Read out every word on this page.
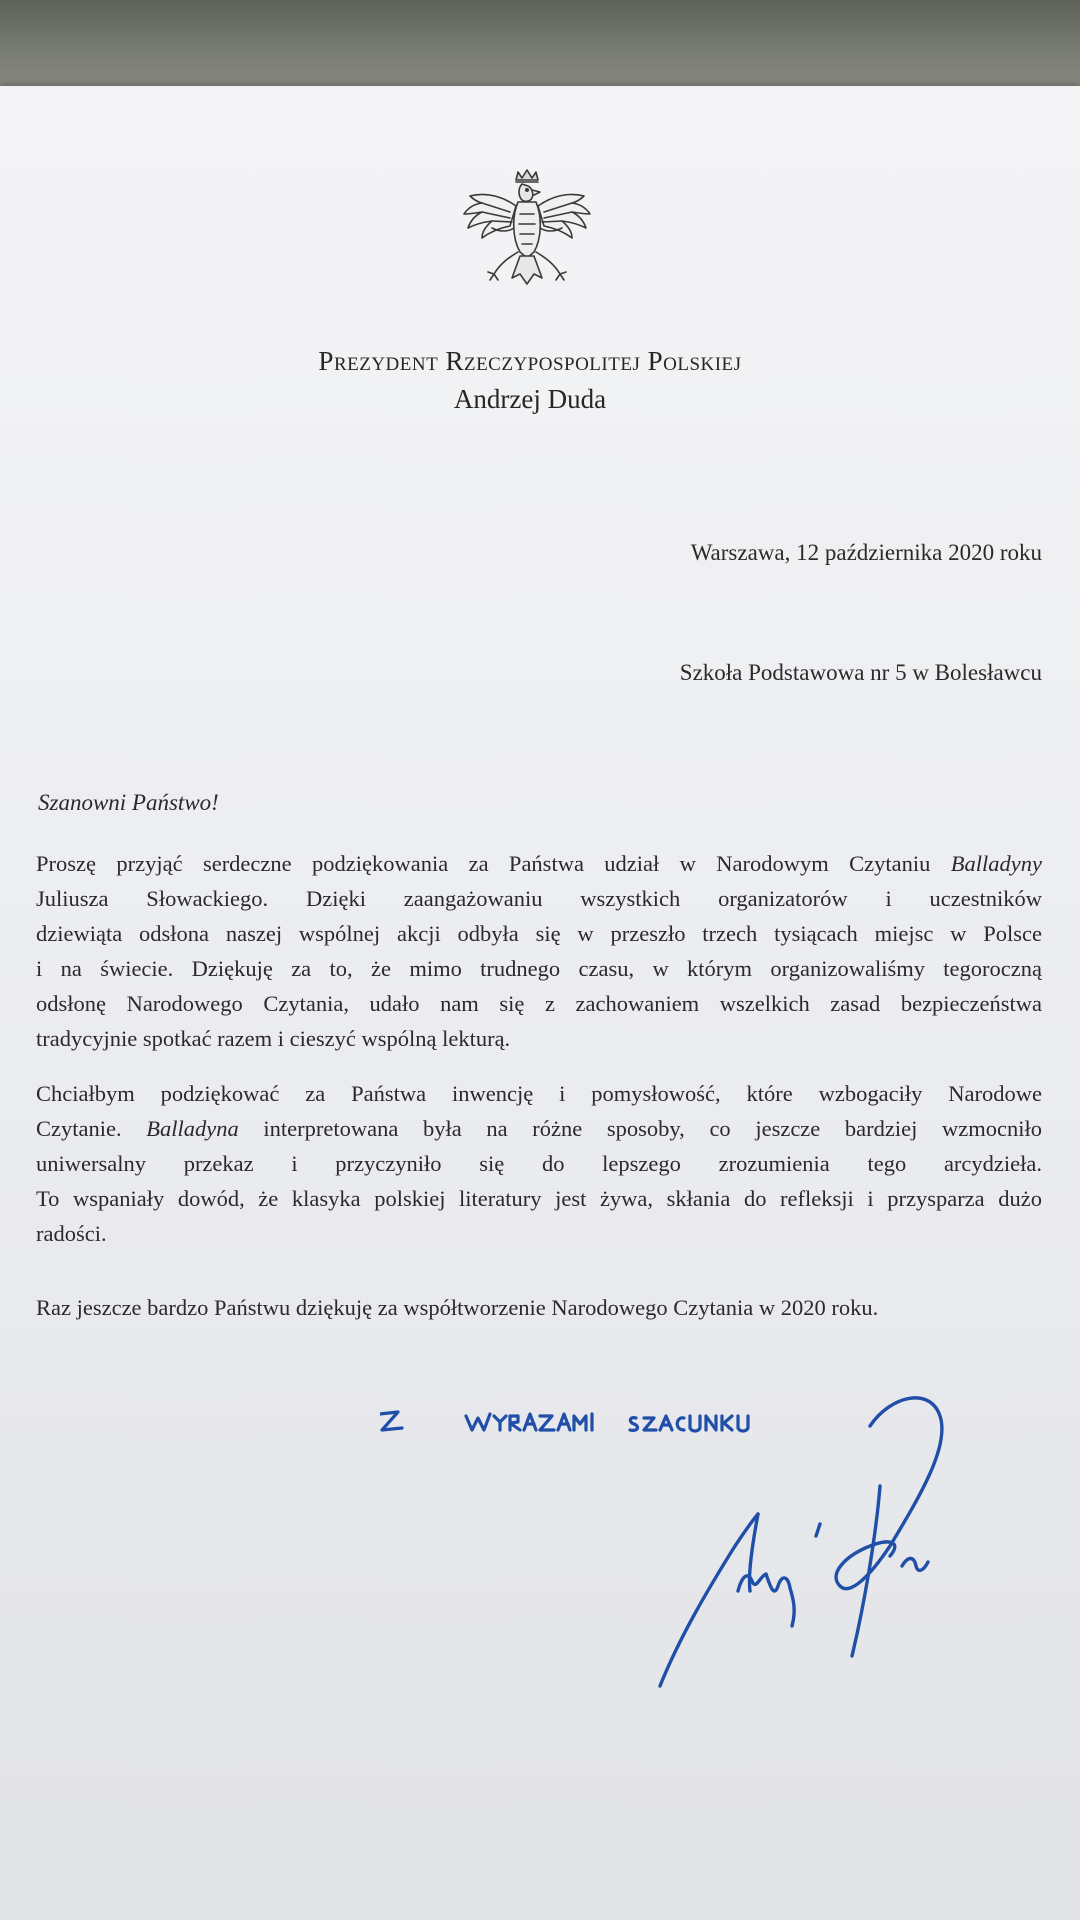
Prezydent Rzeczypospolitej Polskiej
Andrzej Duda
Warszawa, 12 października 2020 roku
Szkoła Podstawowa nr 5 w Bolesławcu
Szanowni Państwo!
Proszę przyjąć serdeczne podziękowania za Państwa udział w Narodowym Czytaniu Balladyny
Juliusza Słowackiego. Dzięki zaangażowaniu wszystkich organizatorów i uczestników
dziewiąta odsłona naszej wspólnej akcji odbyła się w przeszło trzech tysiącach miejsc w Polsce
i na świecie. Dziękuję za to, że mimo trudnego czasu, w którym organizowaliśmy tegoroczną
odsłonę Narodowego Czytania, udało nam się z zachowaniem wszelkich zasad bezpieczeństwa
tradycyjnie spotkać razem i cieszyć wspólną lekturą.
Chciałbym podziękować za Państwa inwencję i pomysłowość, które wzbogaciły Narodowe
Czytanie. Balladyna interpretowana była na różne sposoby, co jeszcze bardziej wzmocniło
uniwersalny przekaz i przyczyniło się do lepszego zrozumienia tego arcydzieła.
To wspaniały dowód, że klasyka polskiej literatury jest żywa, skłania do refleksji i przysparza dużo
radości.
Raz jeszcze bardzo Państwu dziękuję za współtworzenie Narodowego Czytania w 2020 roku.
